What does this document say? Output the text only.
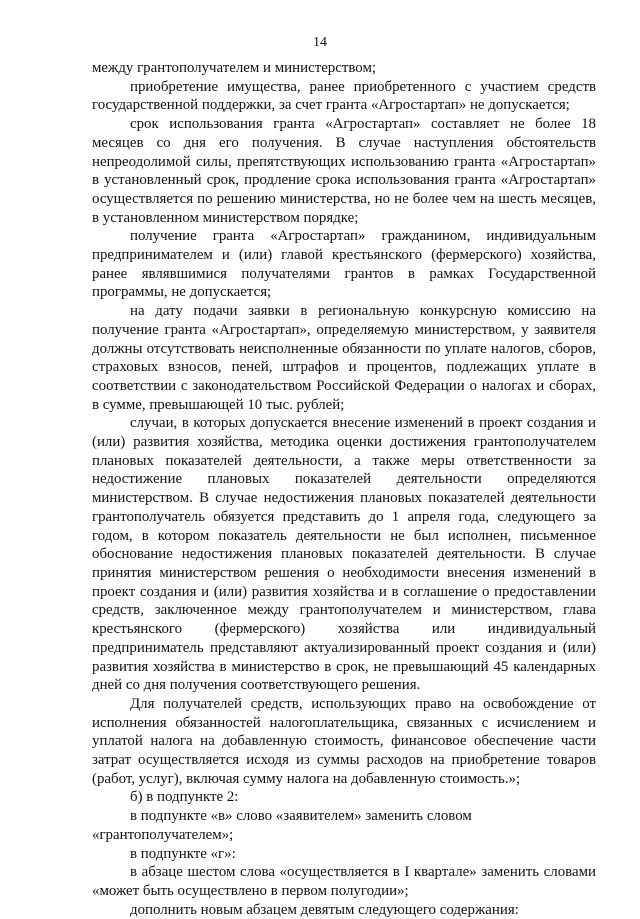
14

между грантополучателем и министерством;

приобретение имущества, ранее приобретенного с участием средств государственной поддержки, за счет гранта «Агростартап» не допускается;

срок использования гранта «Агростартап» составляет не более 18 месяцев со дня его получения. В случае наступления обстоятельств непреодолимой силы, препятствующих использованию гранта «Агростартап» в установленный срок, продление срока использования гранта «Агростартап» осуществляется по решению министерства, но не более чем на шесть месяцев, в установленном министерством порядке;

получение гранта «Агростартап» гражданином, индивидуальным предпринимателем и (или) главой крестьянского (фермерского) хозяйства, ранее являвшимися получателями грантов в рамках Государственной программы, не допускается;

на дату подачи заявки в региональную конкурсную комиссию на получение гранта «Агростартап», определяемую министерством, у заявителя должны отсутствовать неисполненные обязанности по уплате налогов, сборов, страховых взносов, пеней, штрафов и процентов, подлежащих уплате в соответствии с законодательством Российской Федерации о налогах и сборах, в сумме, превышающей 10 тыс. рублей;

случаи, в которых допускается внесение изменений в проект создания и (или) развития хозяйства, методика оценки достижения грантополучателем плановых показателей деятельности, а также меры ответственности за недостижение плановых показателей деятельности определяются министерством. В случае недостижения плановых показателей деятельности грантополучатель обязуется представить до 1 апреля года, следующего за годом, в котором показатель деятельности не был исполнен, письменное обоснование недостижения плановых показателей деятельности. В случае принятия министерством решения о необходимости внесения изменений в проект создания и (или) развития хозяйства и в соглашение о предоставлении средств, заключенное между грантополучателем и министерством, глава крестьянского (фермерского) хозяйства или индивидуальный предприниматель представляют актуализированный проект создания и (или) развития хозяйства в министерство в срок, не превышающий 45 календарных дней со дня получения соответствующего решения.

Для получателей средств, использующих право на освобождение от исполнения обязанностей налогоплательщика, связанных с исчислением и уплатой налога на добавленную стоимость, финансовое обеспечение части затрат осуществляется исходя из суммы расходов на приобретение товаров (работ, услуг), включая сумму налога на добавленную стоимость.»;

б) в подпункте 2:

в подпункте «в» слово «заявителем» заменить словом «грантополучателем»;

в подпункте «г»:

в абзаце шестом слова «осуществляется в I квартале» заменить словами «может быть осуществлено в первом полугодии»;

дополнить новым абзацем девятым следующего содержания:
